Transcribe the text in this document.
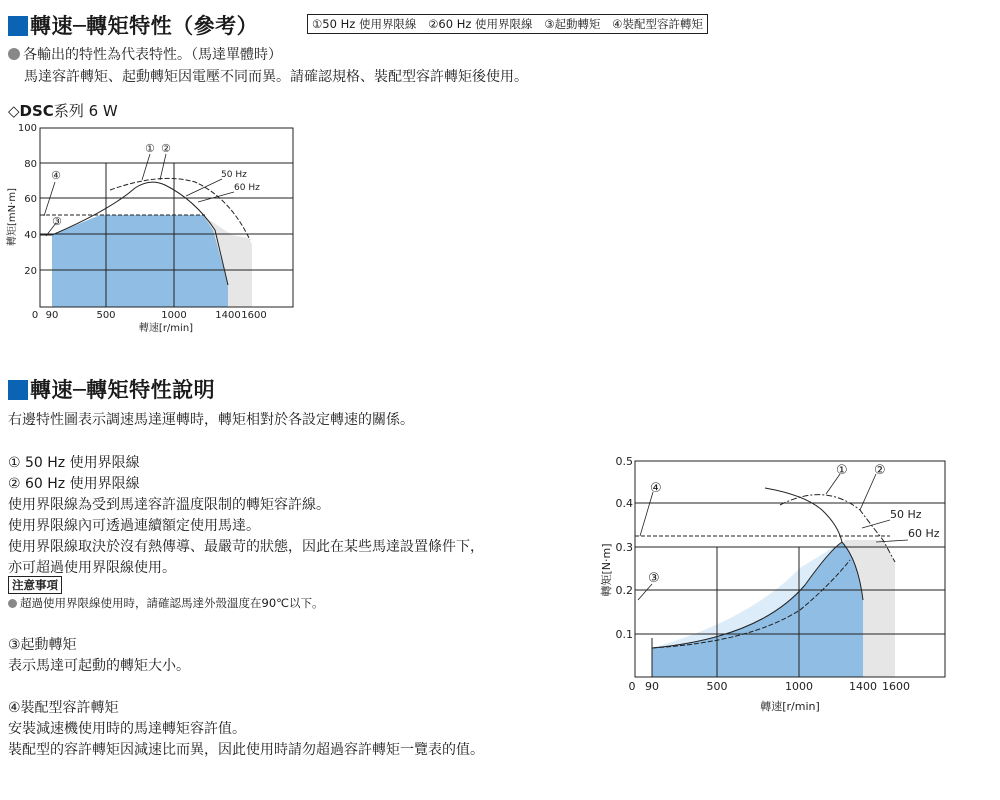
轉速─轉矩特性（參考）	①50 Hz 使用界限線 ②60 Hz 使用界限線 ③起動轉矩 ④裝配型容許轉矩
各輸出的特性為代表特性。（馬達單體時）
馬達容許轉矩、起動轉矩因電壓不同而異。請確認規格、裝配型容許轉矩後使用。
◇DSC系列 6 W
100
80
60
40
20
0 90	500	1000	1400 1600
轉速[r/min]
轉矩[mN·m]
① ②
③
④	50 Hz
60 Hz
轉速─轉矩特性說明
右邊特性圖表示調速馬達運轉時，轉矩相對於各設定轉速的關係。
① 50 Hz 使用界限線
② 60 Hz 使用界限線
使用界限線為受到馬達容許溫度限制的轉矩容許線。
使用界限線內可透過連續額定使用馬達。
使用界限線取決於沒有熱傳導、最嚴苛的狀態，因此在某些馬達設置條件下，
亦可超過使用界限線使用。
注意事項
超過使用界限線使用時，請確認馬達外殼溫度在90℃以下。
③起動轉矩
表示馬達可起動的轉矩大小。
④裝配型容許轉矩
安裝減速機使用時的馬達轉矩容許值。
裝配型的容許轉矩因減速比而異，因此使用時請勿超過容許轉矩一覽表的值。
0.5
0.4
0.3
0.2
0.1
0 90	500	1000	1400 1600
轉速[r/min]
轉矩[N·m]
① ②
③
④
50 Hz
60 Hz
